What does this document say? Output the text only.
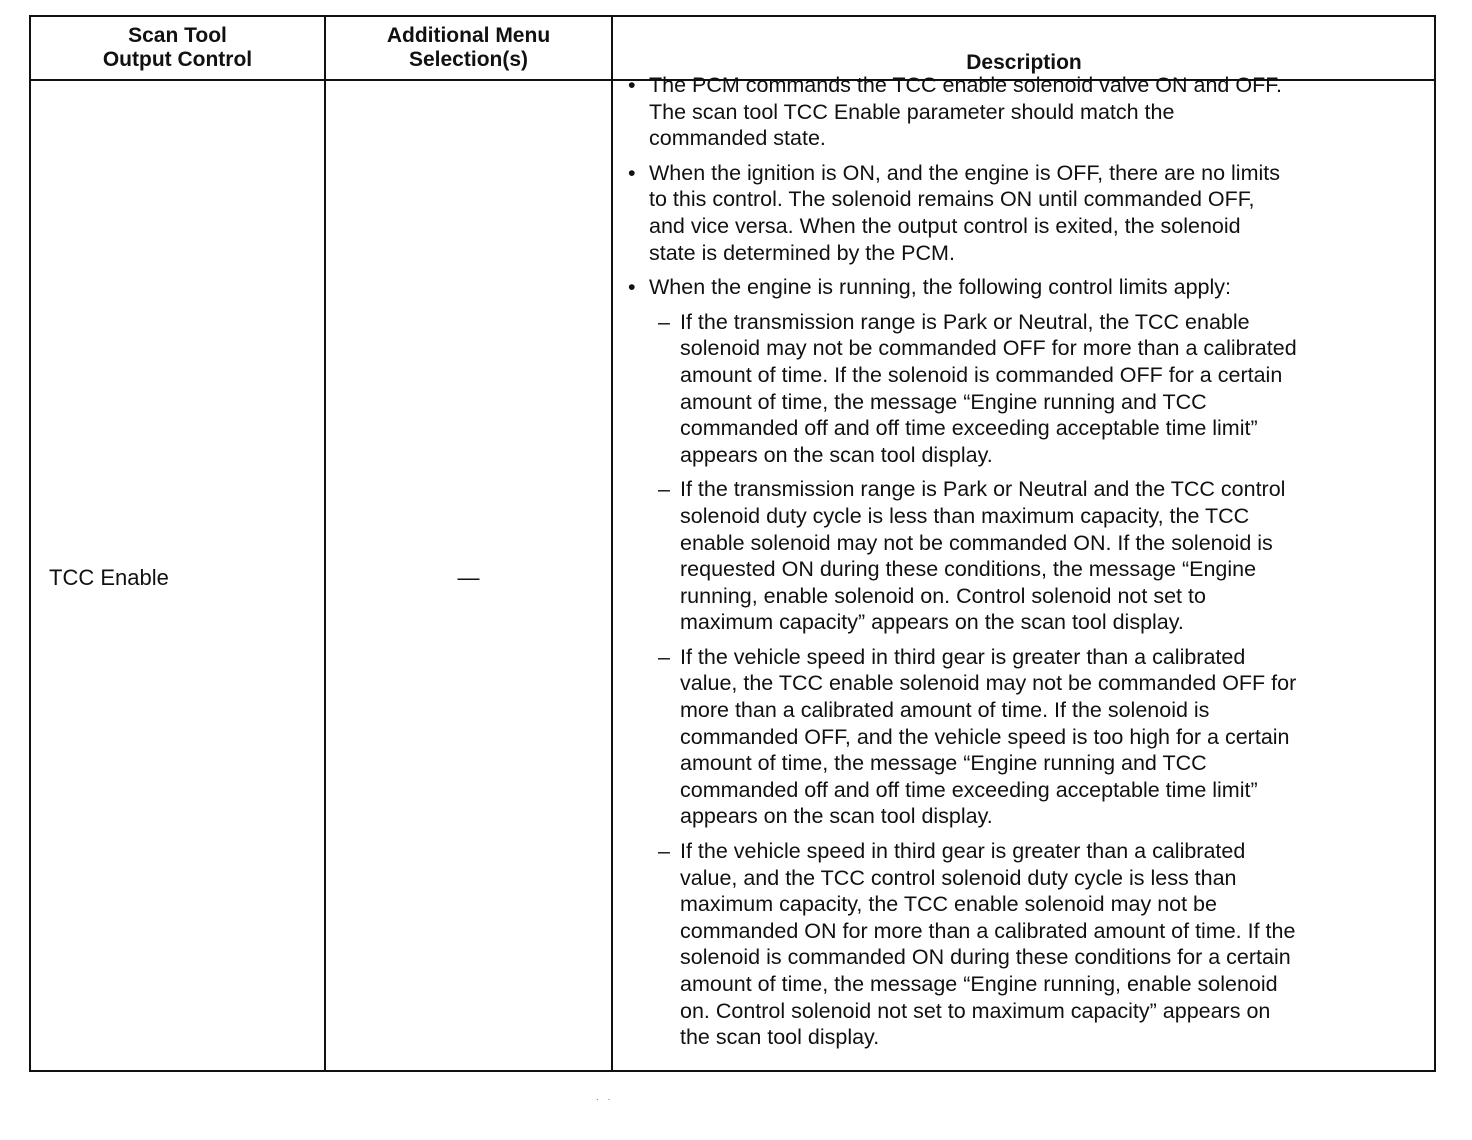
Scan Tool
Output Control
Additional Menu
Selection(s)	Description
TCC Enable	—
• The PCM commands the TCC enable solenoid valve ON and OFF.
The scan tool TCC Enable parameter should match the
commanded state.
• When the ignition is ON, and the engine is OFF, there are no limits
to this control. The solenoid remains ON until commanded OFF,
and vice versa. When the output control is exited, the solenoid
state is determined by the PCM.
• When the engine is running, the following control limits apply:
– If the transmission range is Park or Neutral, the TCC enable
solenoid may not be commanded OFF for more than a calibrated
amount of time. If the solenoid is commanded OFF for a certain
amount of time, the message “Engine running and TCC
commanded off and off time exceeding acceptable time limit”
appears on the scan tool display.
– If the transmission range is Park or Neutral and the TCC control
solenoid duty cycle is less than maximum capacity, the TCC
enable solenoid may not be commanded ON. If the solenoid is
requested ON during these conditions, the message “Engine
running, enable solenoid on. Control solenoid not set to
maximum capacity” appears on the scan tool display.
– If the vehicle speed in third gear is greater than a calibrated
value, the TCC enable solenoid may not be commanded OFF for
more than a calibrated amount of time. If the solenoid is
commanded OFF, and the vehicle speed is too high for a certain
amount of time, the message “Engine running and TCC
commanded off and off time exceeding acceptable time limit”
appears on the scan tool display.
– If the vehicle speed in third gear is greater than a calibrated
value, and the TCC control solenoid duty cycle is less than
maximum capacity, the TCC enable solenoid may not be
commanded ON for more than a calibrated amount of time. If the
solenoid is commanded ON during these conditions for a certain
amount of time, the message “Engine running, enable solenoid
on. Control solenoid not set to maximum capacity” appears on
the scan tool display.
. .
